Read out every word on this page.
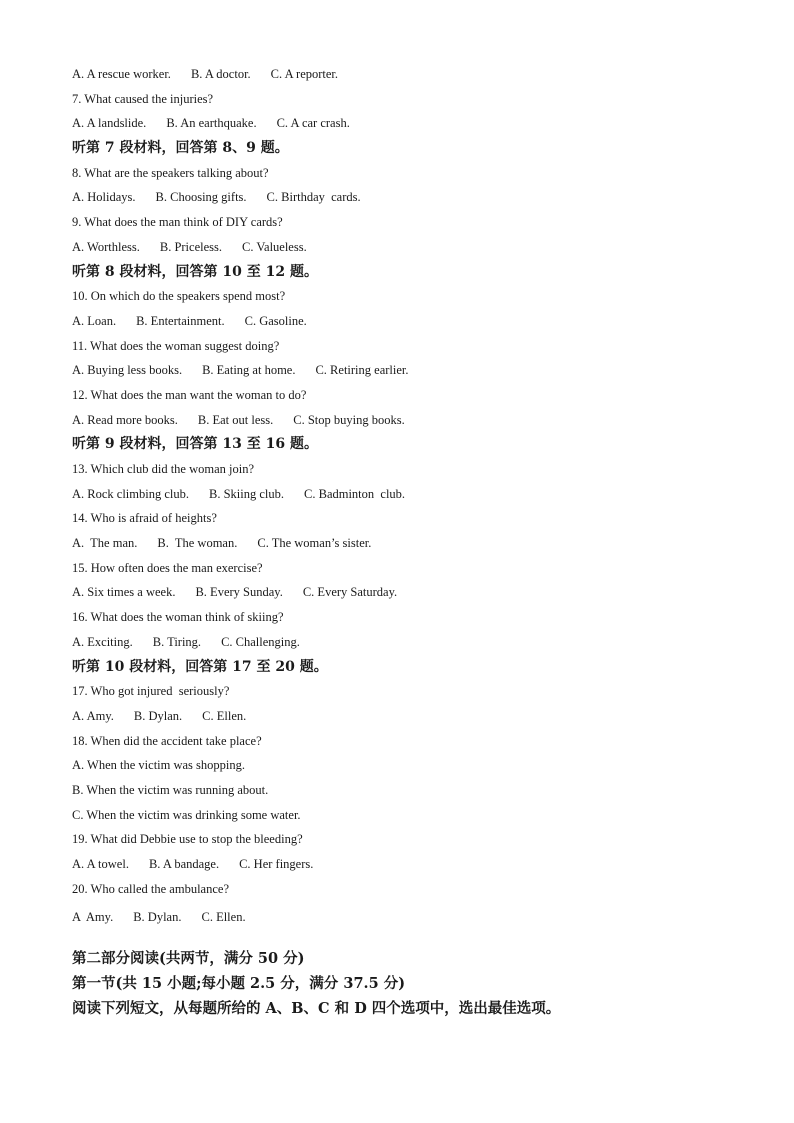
A. A rescue worker. B. A doctor. C. A reporter.
7. What caused the injuries?
A. A landslide. B. An earthquake. C. A car crash.
听第 7 段材料，回答第 8、9 题。
8. What are the speakers talking about?
A. Holidays. B. Choosing gifts. C. Birthday  cards.
9. What does the man think of DIY cards?
A. Worthless. B. Priceless. C. Valueless.
听第 8 段材料，回答第 10 至 12 题。
10. On which do the speakers spend most?
A. Loan. B. Entertainment. C. Gasoline.
11. What does the woman suggest doing?
A. Buying less books. B. Eating at home. C. Retiring earlier.
12. What does the man want the woman to do?
A. Read more books. B. Eat out less. C. Stop buying books.
听第 9 段材料，回答第 13 至 16 题。
13. Which club did the woman join?
A. Rock climbing club. B. Skiing club. C. Badminton  club.
14. Who is afraid of heights?
A.  The man. B.  The woman. C. The woman’s sister.
15. How often does the man exercise?
A. Six times a week. B. Every Sunday. C. Every Saturday.
16. What does the woman think of skiing?
A. Exciting. B. Tiring. C. Challenging.
听第 10 段材料，回答第 17 至 20 题。
17. Who got injured  seriously?
A. Amy. B. Dylan. C. Ellen.
18. When did the accident take place?
A. When the victim was shopping.
B. When the victim was running about.
C. When the victim was drinking some water.
19. What did Debbie use to stop the bleeding?
A. A towel. B. A bandage. C. Her fingers.
20. Who called the ambulance?
A  Amy. B. Dylan. C. Ellen.
第二部分阅读(共两节，满分 50 分)
第一节(共 15 小题;每小题 2.5 分，满分 37.5 分)
阅读下列短文，从每题所给的 A、B、C 和 D 四个选项中，选出最佳选项。
